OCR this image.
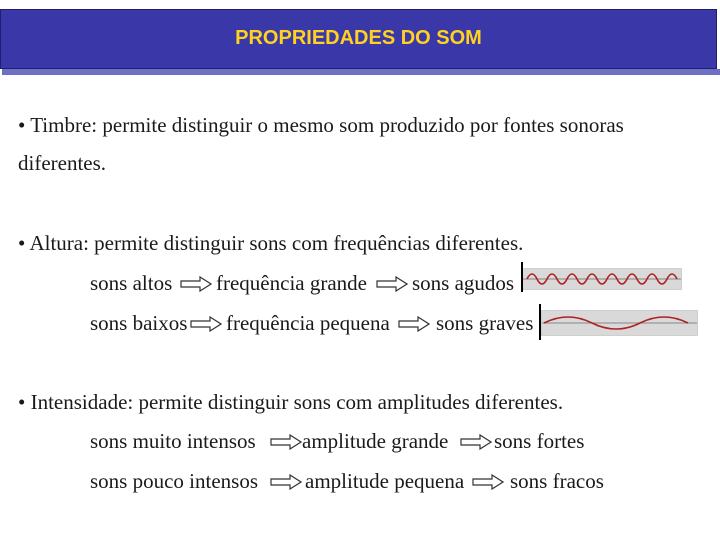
PROPRIEDADES DO SOM
• Timbre: permite distinguir o mesmo som produzido por fontes sonoras
diferentes.
• Altura: permite distinguir sons com frequências diferentes.
sons altos frequência grande sons agudos
sons baixos frequência pequena sons graves
• Intensidade: permite distinguir sons com amplitudes diferentes.
sons muito intensos amplitude grande sons fortes
sons pouco intensos amplitude pequena sons fracos
